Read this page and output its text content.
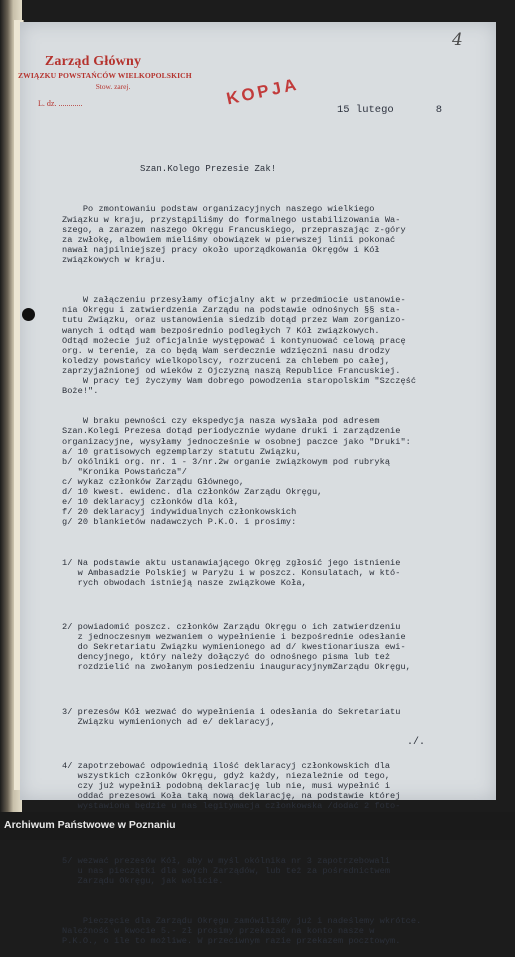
4
Zarząd Główny
ZWIĄZKU POWSTAŃCÓW WIELKOPOLSKICH
Stow. zarej.
L. dz. ............	KOPJA
15 lutego	8

Szan.Kolego Prezesie Zak!

Po zmontowaniu podstaw organizacyjnych naszego wielkiego
Związku w kraju, przystąpiliśmy do formalnego ustabilizowania Wa-
szego, a zarazem naszego Okręgu Francuskiego, przepraszając z-góry
za zwłokę, albowiem mieliśmy obowiązek w pierwszej linii pokonać
nawał najpilniejszej pracy około uporządkowania Okręgów i Kół
związkowych w kraju.

W załączeniu przesyłamy oficjalny akt w przedmiocie ustanowie-
nia Okręgu i zatwierdzenia Zarządu na podstawie odnośnych §§ sta-
tutu Związku, oraz ustanowienia siedzib dotąd przez Wam zorganizo-
wanych i odtąd wam bezpośrednio podległych 7 Kół związkowych.
Odtąd możecie już oficjalnie występować i kontynuować celową pracę
org. w terenie, za co będą Wam serdecznie wdzięczni nasu drodzy
koledzy powstańcy wielkopolscy, rozrzuceni za chlebem po całej,
zaprzyjaźnionej od wieków z Ojczyzną naszą Republice Francuskiej.
W pracy tej życzymy Wam dobrego powodzenia staropolskim "Szczęść
Boże!".

W braku pewności czy ekspedycja nasza wysłała pod adresem
Szan.Kolegi Prezesa dotąd periodycznie wydane druki i zarządzenie
organizacyjne, wysyłamy jednocześnie w osobnej paczce jako "Druki":
a/ 10 gratisowych egzemplarzy statutu Związku,
b/ okólniki org. nr. 1 - 3/nr.2w organie związkowym pod rubryką
"Kronika Powstańcza"/
c/ wykaz członków Zarządu Głównego,
d/ 10 kwest. ewidenc. dla członków Zarządu Okręgu,
e/ 10 deklaracyj członków dla kół,
f/ 20 deklaracyj indywidualnych członkowskich
g/ 20 blankietów nadawczych P.K.O. i prosimy:

1/ Na podstawie aktu ustanawiającego Okręg zgłosić jego istnienie
w Ambasadzie Polskiej w Paryżu i w poszcz. Konsulatach, w któ-
rych obwodach istnieją nasze związkowe Koła,

2/ powiadomić poszcz. członków Zarządu Okręgu o ich zatwierdzeniu
z jednoczesnym wezwaniem o wypełnienie i bezpośrednie odesłanie
do Sekretariatu Związku wymienionego ad d/ kwestionariusza ewi-
dencyjnego, który należy dołączyć do odnośnego pisma lub też
rozdzielić na zwołanym posiedzeniu inauguracyjnymZarządu Okręgu,

3/ prezesów Kół wezwać do wypełnienia i odesłania do Sekretariatu
Związku wymienionych ad e/ deklaracyj,

4/ zapotrzebować odpowiednią ilość deklaracyj członkowskich dla
wszystkich członków Okręgu, gdyż każdy, niezależnie od tego,
czy już wypełnił podobną deklarację lub nie, musi wypełnić i
oddać prezesowi Koła taką nową deklarację, na podstawie której
wystawiona będzie u nas legitymacja członkowska /dodać 2 foto-

5/ wezwać prezesów Kół, aby w myśl okólnika nr 3 zapotrzebowali
u nas pieczątki dla swych Zarządów, lub też za pośrednictwem
Zarządu Okręgu, jak wolicie.

Pieczęcie dla Zarządu Okręgu zamówiliśmy już i nadeślemy wkrótce.
Należność w kwocie 5.- zł prosimy przekazać na konto nasze w
P.K.O., o ile to możliwe. W przeciwnym razie przekazem pocztowym.

./.
Archiwum Państwowe w Poznaniu
